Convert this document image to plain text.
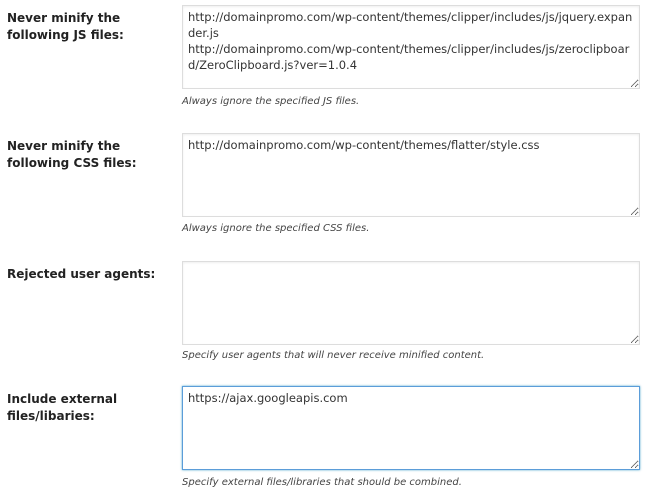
Never minify the following JS files:
http://domainpromo.com/wp-content/themes/clipper/includes/js/jquery.expander.js http://domainpromo.com/wp-content/themes/clipper/includes/js/zeroclipboard/ZeroClipboard.js?ver=1.0.4
Always ignore the specified JS files.
Never minify the following CSS files:
http://domainpromo.com/wp-content/themes/flatter/style.css
Always ignore the specified CSS files.
Rejected user agents:
Specify user agents that will never receive minified content.
Include external files/libaries:
https://ajax.googleapis.com
Specify external files/libraries that should be combined.
